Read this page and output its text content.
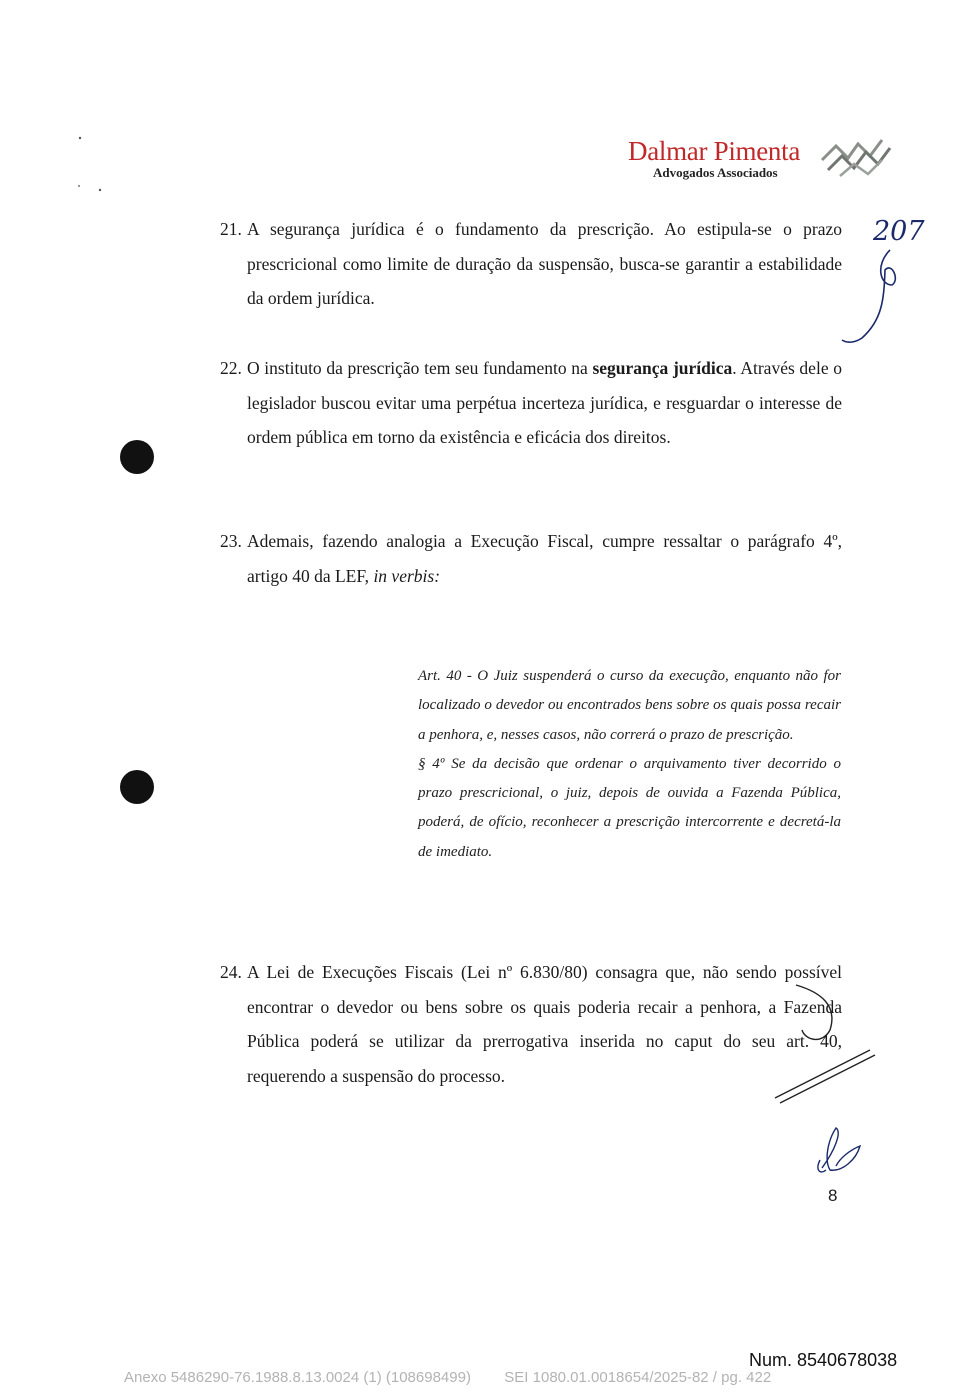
Dalmar Pimenta
Advogados Associados
207
21. A segurança jurídica é o fundamento da prescrição. Ao estipula-se o prazo prescricional como limite de duração da suspensão, busca-se garantir a estabilidade da ordem jurídica.
22. O instituto da prescrição tem seu fundamento na segurança jurídica. Através dele o legislador buscou evitar uma perpétua incerteza jurídica, e resguardar o interesse de ordem pública em torno da existência e eficácia dos direitos.
23. Ademais, fazendo analogia a Execução Fiscal, cumpre ressaltar o parágrafo 4º, artigo 40 da LEF, in verbis:

Art. 40 - O Juiz suspenderá o curso da execução, enquanto não for localizado o devedor ou encontrados bens sobre os quais possa recair a penhora, e, nesses casos, não correrá o prazo de prescrição.

§ 4º Se da decisão que ordenar o arquivamento tiver decorrido o prazo prescricional, o juiz, depois de ouvida a Fazenda Pública, poderá, de ofício, reconhecer a prescrição intercorrente e decretá-la de imediato.

24. A Lei de Execuções Fiscais (Lei nº 6.830/80) consagra que, não sendo possível encontrar o devedor ou bens sobre os quais poderia recair a penhora, a Fazenda Pública poderá se utilizar da prerrogativa inserida no caput do seu art. 40, requerendo a suspensão do processo.
8
Num. 8540678038
Anexo 5486290-76.1988.8.13.0024 (1) (108698499)        SEI 1080.01.0018654/2025-82 / pg. 422
